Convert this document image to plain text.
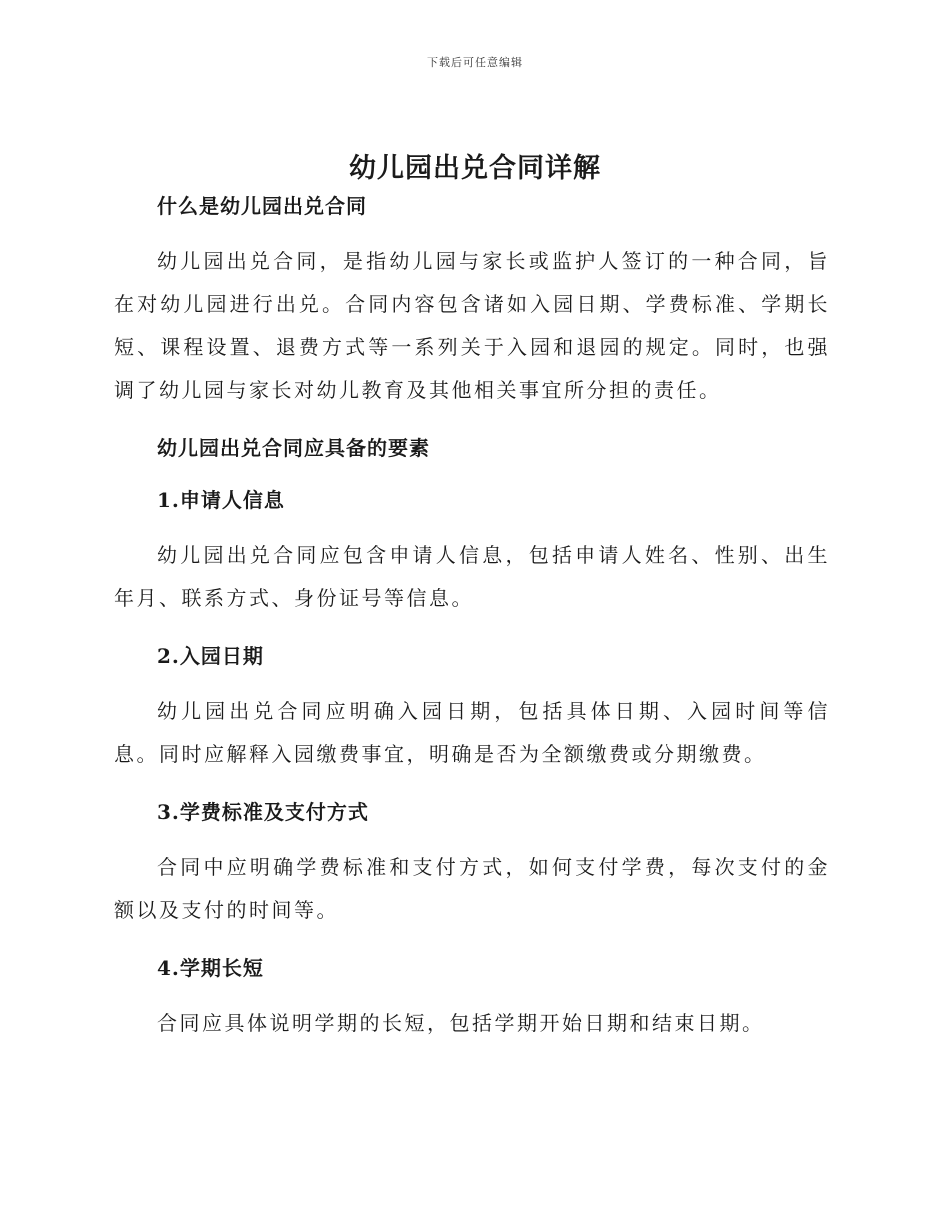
下载后可任意编辑
幼儿园出兑合同详解

什么是幼儿园出兑合同

幼儿园出兑合同，是指幼儿园与家长或监护人签订的一种合同，旨在对幼儿园进行出兑。合同内容包含诸如入园日期、学费标准、学期长短、课程设置、退费方式等一系列关于入园和退园的规定。同时，也强调了幼儿园与家长对幼儿教育及其他相关事宜所分担的责任。

幼儿园出兑合同应具备的要素

1.申请人信息

幼儿园出兑合同应包含申请人信息，包括申请人姓名、性别、出生年月、联系方式、身份证号等信息。

2.入园日期

幼儿园出兑合同应明确入园日期，包括具体日期、入园时间等信息。同时应解释入园缴费事宜，明确是否为全额缴费或分期缴费。

3.学费标准及支付方式

合同中应明确学费标准和支付方式，如何支付学费，每次支付的金额以及支付的时间等。

4.学期长短

合同应具体说明学期的长短，包括学期开始日期和结束日期。
